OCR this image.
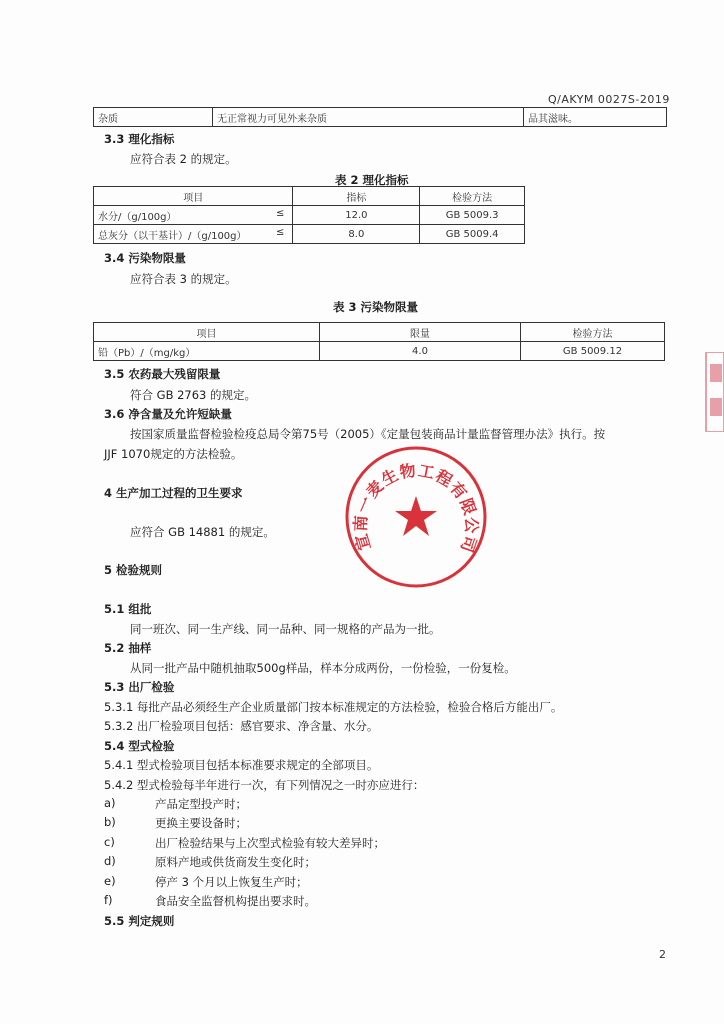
Q/AKYM 0027S-2019
杂质	无正常视力可见外来杂质	品其滋味。
3.3 理化指标
应符合表 2 的规定。
表 2 理化指标
项目	指标	检验方法
水分/（g/100g） ≤	12.0	GB 5009.3
总灰分（以干基计）/（g/100g） ≤	8.0	GB 5009.4
3.4 污染物限量
应符合表 3 的规定。
表 3 污染物限量
项目	限量	检验方法
铅（Pb）/（mg/kg）	4.0	GB 5009.12
3.5 农药最大残留限量
符合 GB 2763 的规定。
3.6 净含量及允许短缺量
按国家质量监督检验检疫总局令第75号（2005）《定量包装商品计量监督管理办法》执行。按
JJF 1070规定的方法检验。
4 生产加工过程的卫生要求
应符合 GB 14881 的规定。
5 检验规则
5.1 组批
同一班次、同一生产线、同一品种、同一规格的产品为一批。
5.2 抽样
从同一批产品中随机抽取500g样品，样本分成两份，一份检验，一份复检。
5.3 出厂检验
5.3.1 每批产品必须经生产企业质量部门按本标准规定的方法检验，检验合格后方能出厂。
5.3.2 出厂检验项目包括：感官要求、净含量、水分。
5.4 型式检验
5.4.1 型式检验项目包括本标准要求规定的全部项目。
5.4.2 型式检验每半年进行一次，有下列情况之一时亦应进行：
a)	产品定型投产时；
b)	更换主要设备时；
c)	出厂检验结果与上次型式检验有较大差异时；
d)	原料产地或供货商发生变化时；
e)	停产 3 个月以上恢复生产时；
f)	食品安全监督机构提出要求时。
5.5 判定规则
2
宣南一麦生物工程有限公司
